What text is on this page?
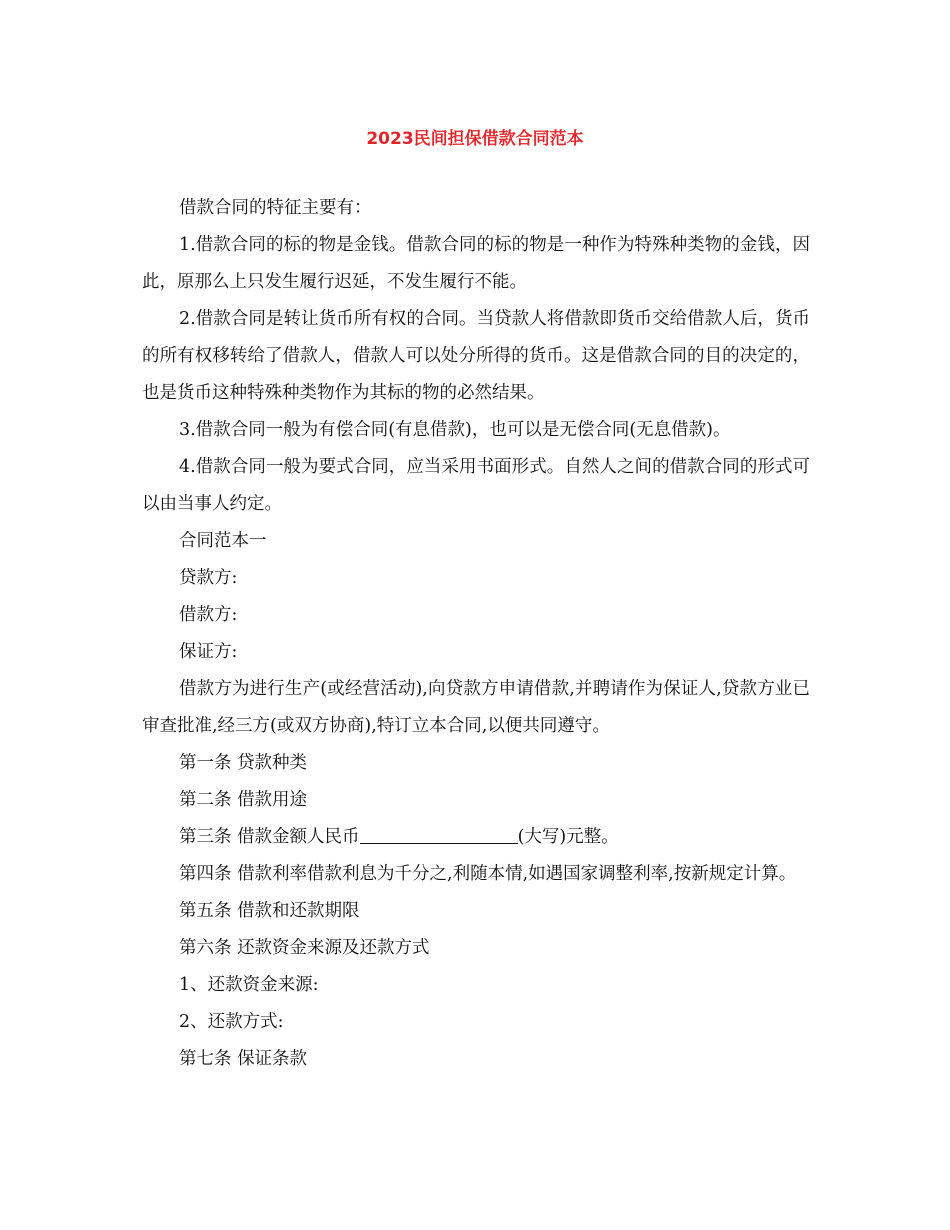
2023民间担保借款合同范本

借款合同的特征主要有：

1.借款合同的标的物是金钱。借款合同的标的物是一种作为特殊种类物的金钱，因此，原那么上只发生履行迟延，不发生履行不能。

2.借款合同是转让货币所有权的合同。当贷款人将借款即货币交给借款人后，货币的所有权移转给了借款人，借款人可以处分所得的货币。这是借款合同的目的决定的，也是货币这种特殊种类物作为其标的物的必然结果。

3.借款合同一般为有偿合同(有息借款)，也可以是无偿合同(无息借款)。

4.借款合同一般为要式合同，应当采用书面形式。自然人之间的借款合同的形式可以由当事人约定。

合同范本一

贷款方:

借款方:

保证方:

借款方为进行生产(或经营活动),向贷款方申请借款,并聘请作为保证人,贷款方业已审查批准,经三方(或双方协商),特订立本合同,以便共同遵守。

第一条 贷款种类

第二条 借款用途

第三条 借款金额人民币	(大写)元整。

第四条 借款利率借款利息为千分之,利随本情,如遇国家调整利率,按新规定计算。

第五条 借款和还款期限

第六条 还款资金来源及还款方式

1、还款资金来源:

2、还款方式:

第七条 保证条款
